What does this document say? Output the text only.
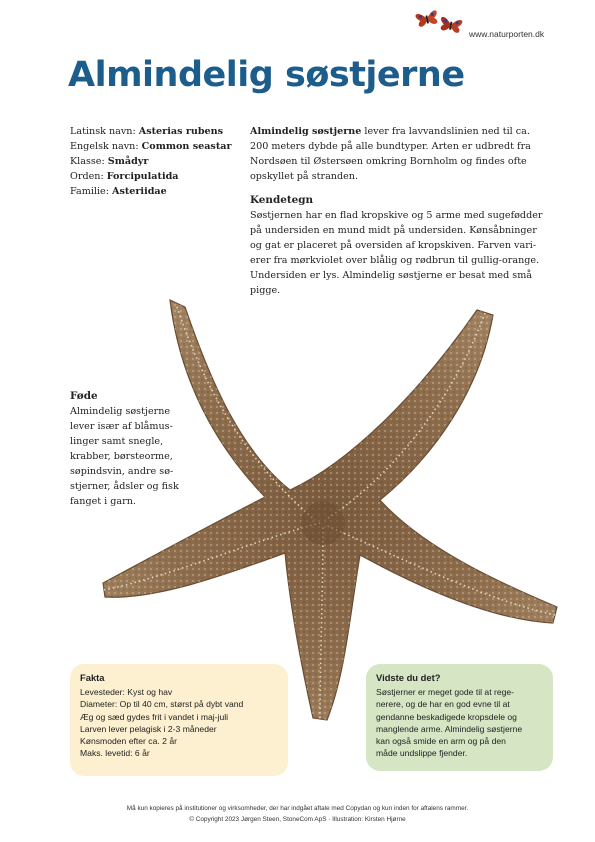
www.naturporten.dk
Almindelig søstjerne
Latinsk navn: Asterias rubens
Engelsk navn: Common seastar
Klasse: Smådyr
Orden: Forcipulatida
Familie: Asteriidae
Almindelig søstjerne lever fra lavvandslinien ned til ca.
200 meters dybde på alle bundtyper. Arten er udbredt fra
Nordsøen til Østersøen omkring Bornholm og findes ofte
opskyllet på stranden.
Kendetegn
Søstjernen har en flad kropskive og 5 arme med sugefødder
på undersiden en mund midt på undersiden. Kønsåbninger
og gat er placeret på oversiden af kropskiven. Farven vari-
erer fra mørkviolet over blålig og rødbrun til gullig-orange.
Undersiden er lys. Almindelig søstjerne er besat med små
pigge.
Føde
Almindelig søstjerne
lever især af blåmus-
linger samt snegle,
krabber, børsteorme,
søpindsvin, andre sø-
stjerner, ådsler og fisk
fanget i garn.
Fakta
Levesteder: Kyst og hav
Diameter: Op til 40 cm, størst på dybt vand
Æg og sæd gydes frit i vandet i maj-juli
Larven lever pelagisk i 2-3 måneder
Kønsmoden efter ca. 2 år
Maks. levetid: 6 år
Vidste du det?
Søstjerner er meget gode til at rege-
nerere, og de har en god evne til at
gendanne beskadigede kropsdele og
manglende arme. Almindelig søstjerne
kan også smide en arm og på den
måde undslippe fjender.
Må kun kopieres på institutioner og virksomheder, der har indgået aftale med Copydan og kun inden for aftalens rammer.
© Copyright 2023 Jørgen Steen, StoneCom ApS · Illustration: Kirsten Hjørne
